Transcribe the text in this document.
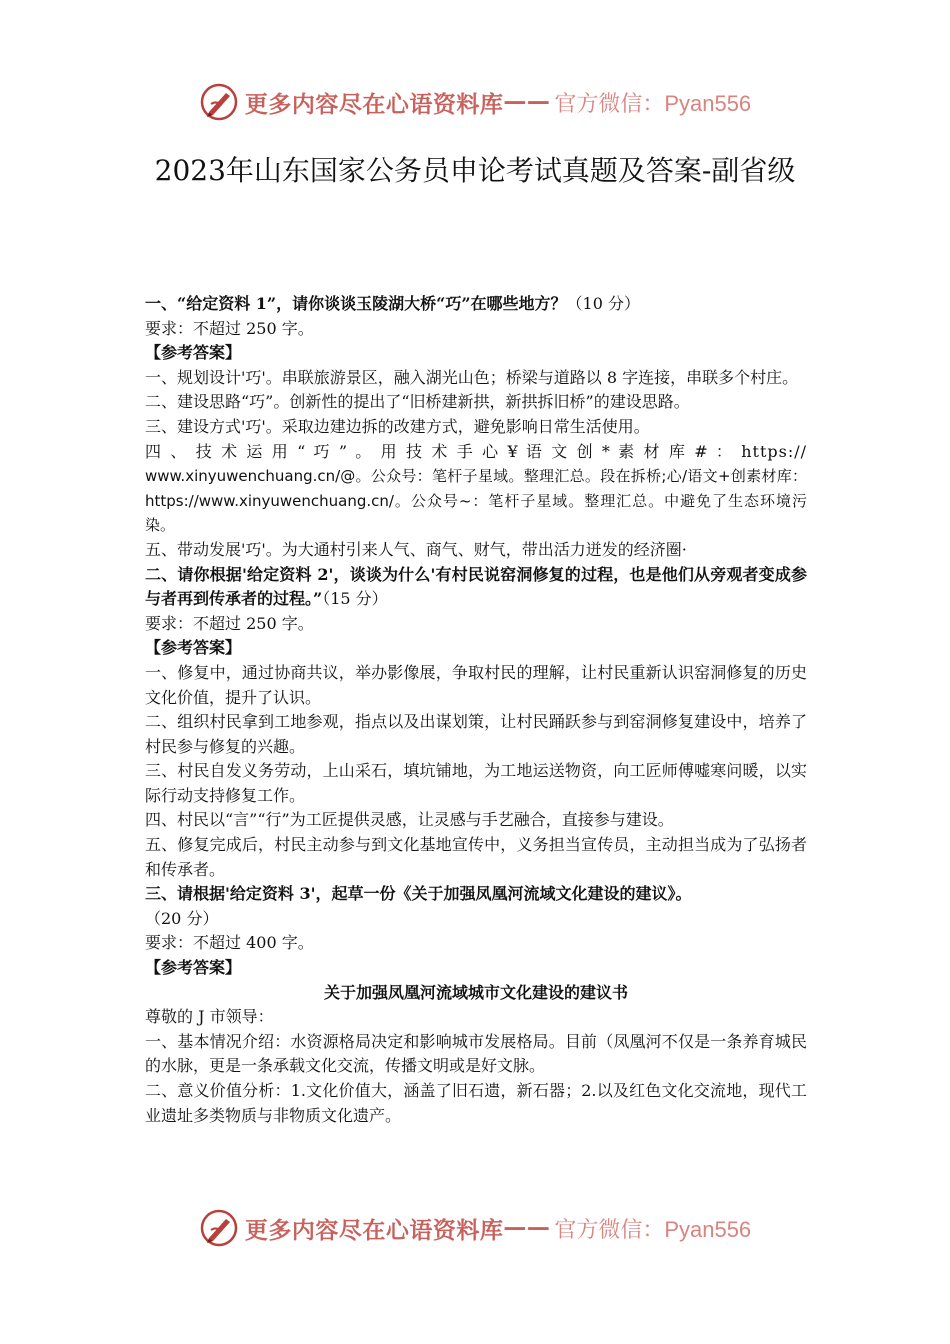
更多内容尽在心语资料库 —— 官方微信：Pyan556
2023年山东国家公务员申论考试真题及答案-副省级

一、“给定资料 1”，请你谈谈玉陵湖大桥“巧”在哪些地方？（10 分）

要求：不超过 250 字。

【参考答案】

一、规划设计'巧'。串联旅游景区，融入湖光山色；桥梁与道路以 8 字连接，串联多个村庄。

二、建设思路“巧”。创新性的提出了“旧桥建新拱，新拱拆旧桥”的建设思路。

三、建设方式'巧'。采取边建边拆的改建方式，避免影响日常生活使用。

四 、 技 术 运 用 “ 巧 ” 。 用 技 术 手 心 ¥ 语 文 创 * 素 材 库 # ： https://

www.xinyuwenchuang.cn/@。公众号：笔杆子星域。整理汇总。段在拆桥;心/语文+创素材库：https://www.xinyuwenchuang.cn/。公众号~：笔杆子星域。整理汇总。中避免了生态环境污染。

五、带动发展'巧'。为大通村引来人气、商气、财气，带出活力迸发的经济圈·

二、请你根据'给定资料 2'，谈谈为什么'有村民说窑洞修复的过程，也是他们从旁观者变成参与者再到传承者的过程。”（15 分）

要求：不超过 250 字。

【参考答案】

一、修复中，通过协商共议，举办影像展，争取村民的理解，让村民重新认识窑洞修复的历史文化价值，提升了认识。

二、组织村民拿到工地参观，指点以及出谋划策，让村民踊跃参与到窑洞修复建设中，培养了村民参与修复的兴趣。

三、村民自发义务劳动，上山采石，填坑铺地，为工地运送物资，向工匠师傅嘘寒问暖，以实际行动支持修复工作。

四、村民以“言”“行”为工匠提供灵感，让灵感与手艺融合，直接参与建设。

五、修复完成后，村民主动参与到文化基地宣传中，义务担当宣传员，主动担当成为了弘扬者和传承者。

三、请根据'给定资料 3'，起草一份《关于加强凤凰河流域文化建设的建议》。

（20 分）

要求：不超过 400 字。

【参考答案】

关于加强凤凰河流域城市文化建设的建议书

尊敬的 J 市领导：

一、基本情况介绍：水资源格局决定和影响城市发展格局。目前（凤凰河不仅是一条养育城民的水脉，更是一条承载文化交流，传播文明或是好文脉。

二、意义价值分析：1.文化价值大，涵盖了旧石遗，新石器；2.以及红色文化交流地，现代工业遗址多类物质与非物质文化遗产。

更多内容尽在心语资料库 —— 官方微信：Pyan556
